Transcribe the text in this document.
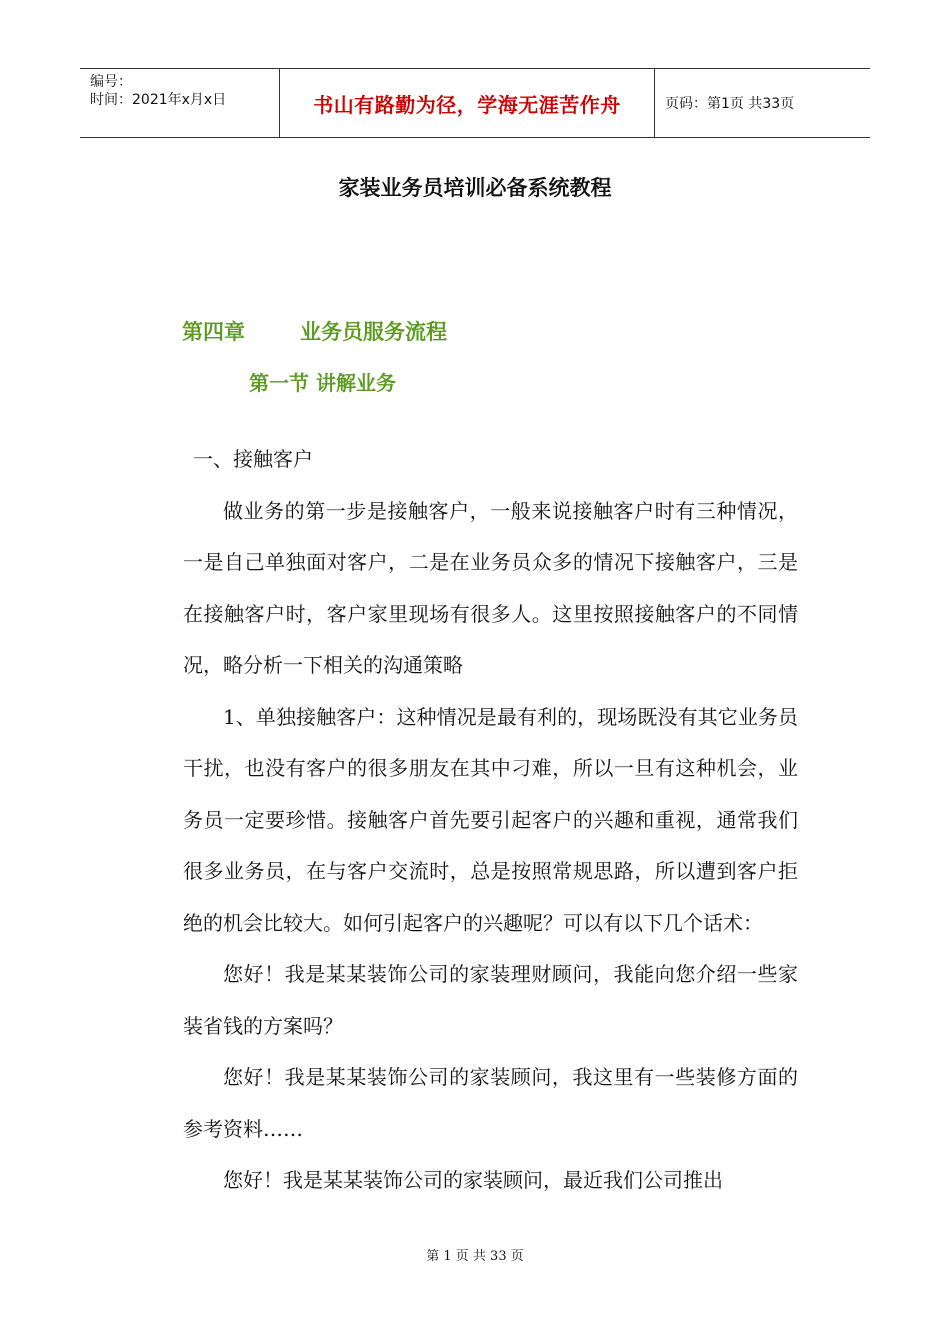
编号：
时间：2021年x月x日	书山有路勤为径，学海无涯苦作舟	页码：第1页 共33页
家装业务员培训必备系统教程
第四章	业务员服务流程
第一节 讲解业务

一、接触客户

做业务的第一步是接触客户，一般来说接触客户时有三种情况，一是自己单独面对客户，二是在业务员众多的情况下接触客户，三是在接触客户时，客户家里现场有很多人。这里按照接触客户的不同情况，略分析一下相关的沟通策略

1、单独接触客户：这种情况是最有利的，现场既没有其它业务员干扰，也没有客户的很多朋友在其中刁难，所以一旦有这种机会，业务员一定要珍惜。接触客户首先要引起客户的兴趣和重视，通常我们很多业务员，在与客户交流时，总是按照常规思路，所以遭到客户拒绝的机会比较大。如何引起客户的兴趣呢？可以有以下几个话术：

您好！我是某某装饰公司的家装理财顾问，我能向您介绍一些家装省钱的方案吗？

您好！我是某某装饰公司的家装顾问，我这里有一些装修方面的参考资料……

您好！我是某某装饰公司的家装顾问，最近我们公司推出

第 1 页 共 33 页
